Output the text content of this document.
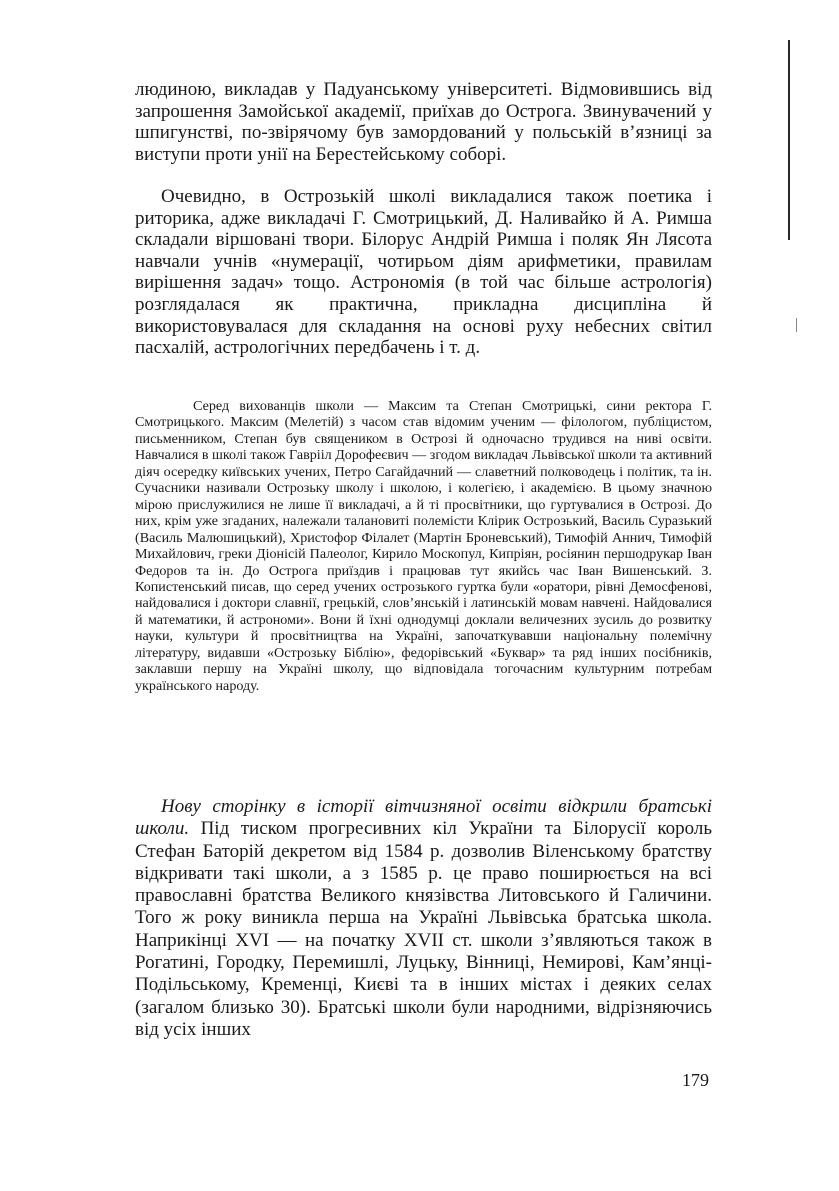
людиною, викладав у Падуанському університеті. Відмовившись від запрошення Замойської академії, приїхав до Острога. Звинувачений у шпигунстві, по-звірячому був замордований у польській в’язниці за виступи проти унії на Берестейському соборі.

Очевидно, в Острозькій школі викладалися також поетика і риторика, адже викладачі Г. Смотрицький, Д. Наливайко й А. Римша складали віршовані твори. Білорус Андрій Римша і поляк Ян Лясота навчали учнів «нумерації, чотирьом діям арифметики, правилам вирішення задач» тощо. Астрономія (в той час більше астрологія) розглядалася як практична, прикладна дисципліна й використовувалася для складання на основі руху небесних світил пасхалій, астрологічних передбачень і т. д.

Серед вихованців школи — Максим та Степан Смотрицькі, сини ректора Г. Смотрицького. Максим (Мелетій) з часом став відомим ученим — філологом, публіцистом, письменником, Степан був священиком в Острозі й одночасно трудився на ниві освіти. Навчалися в школі також Гаврііл Дорофеєвич — згодом викладач Львівської школи та активний діяч осередку київських учених, Петро Сагайдачний — славетний полководець і політик, та ін. Сучасники називали Острозьку школу і школою, і колегією, і академією. В цьому значною мірою прислужилися не лише її викладачі, а й ті просвітники, що гуртувалися в Острозі. До них, крім уже згаданих, належали талановиті полемісти Клірик Острозький, Василь Суразький (Василь Малюшицький), Христофор Філалет (Мартін Броневський), Тимофій Аннич, Тимофій Михайлович, греки Діонісій Палеолог, Кирило Москопул, Кипріян, росіянин першодрукар Іван Федоров та ін. До Острога приїздив і працював тут якийсь час Іван Вишенський. З. Копистенський писав, що серед учених острозького гуртка були «оратори, рівні Демосфенові, найдовалися і доктори славнії, грецькій, слов’янській і латинській мовам навчені. Найдовалися й математики, й астрономи». Вони й їхні однодумці доклали величезних зусиль до розвитку науки, культури й просвітництва на Україні, започаткувавши національну полемічну літературу, видавши «Острозьку Біблію», федорівський «Буквар» та ряд інших посібників, заклавши першу на Україні школу, що відповідала тогочасним культурним потребам українського народу.

Нову сторінку в історії вітчизняної освіти відкрили братські школи. Під тиском прогресивних кіл України та Білорусії король Стефан Баторій декретом від 1584 р. дозволив Віленському братству відкривати такі школи, а з 1585 р. це право поширюється на всі православні братства Великого князівства Литовського й Галичини. Того ж року виникла перша на Україні Львівська братська школа. Наприкінці XVI — на початку XVII ст. школи з’являються також в Рогатині, Городку, Перемишлі, Луцьку, Вінниці, Немирові, Кам’янці-Подільському, Кременці, Києві та в інших містах і деяких селах (загалом близько 30). Братські школи були народними, відрізняючись від усіх інших

179
